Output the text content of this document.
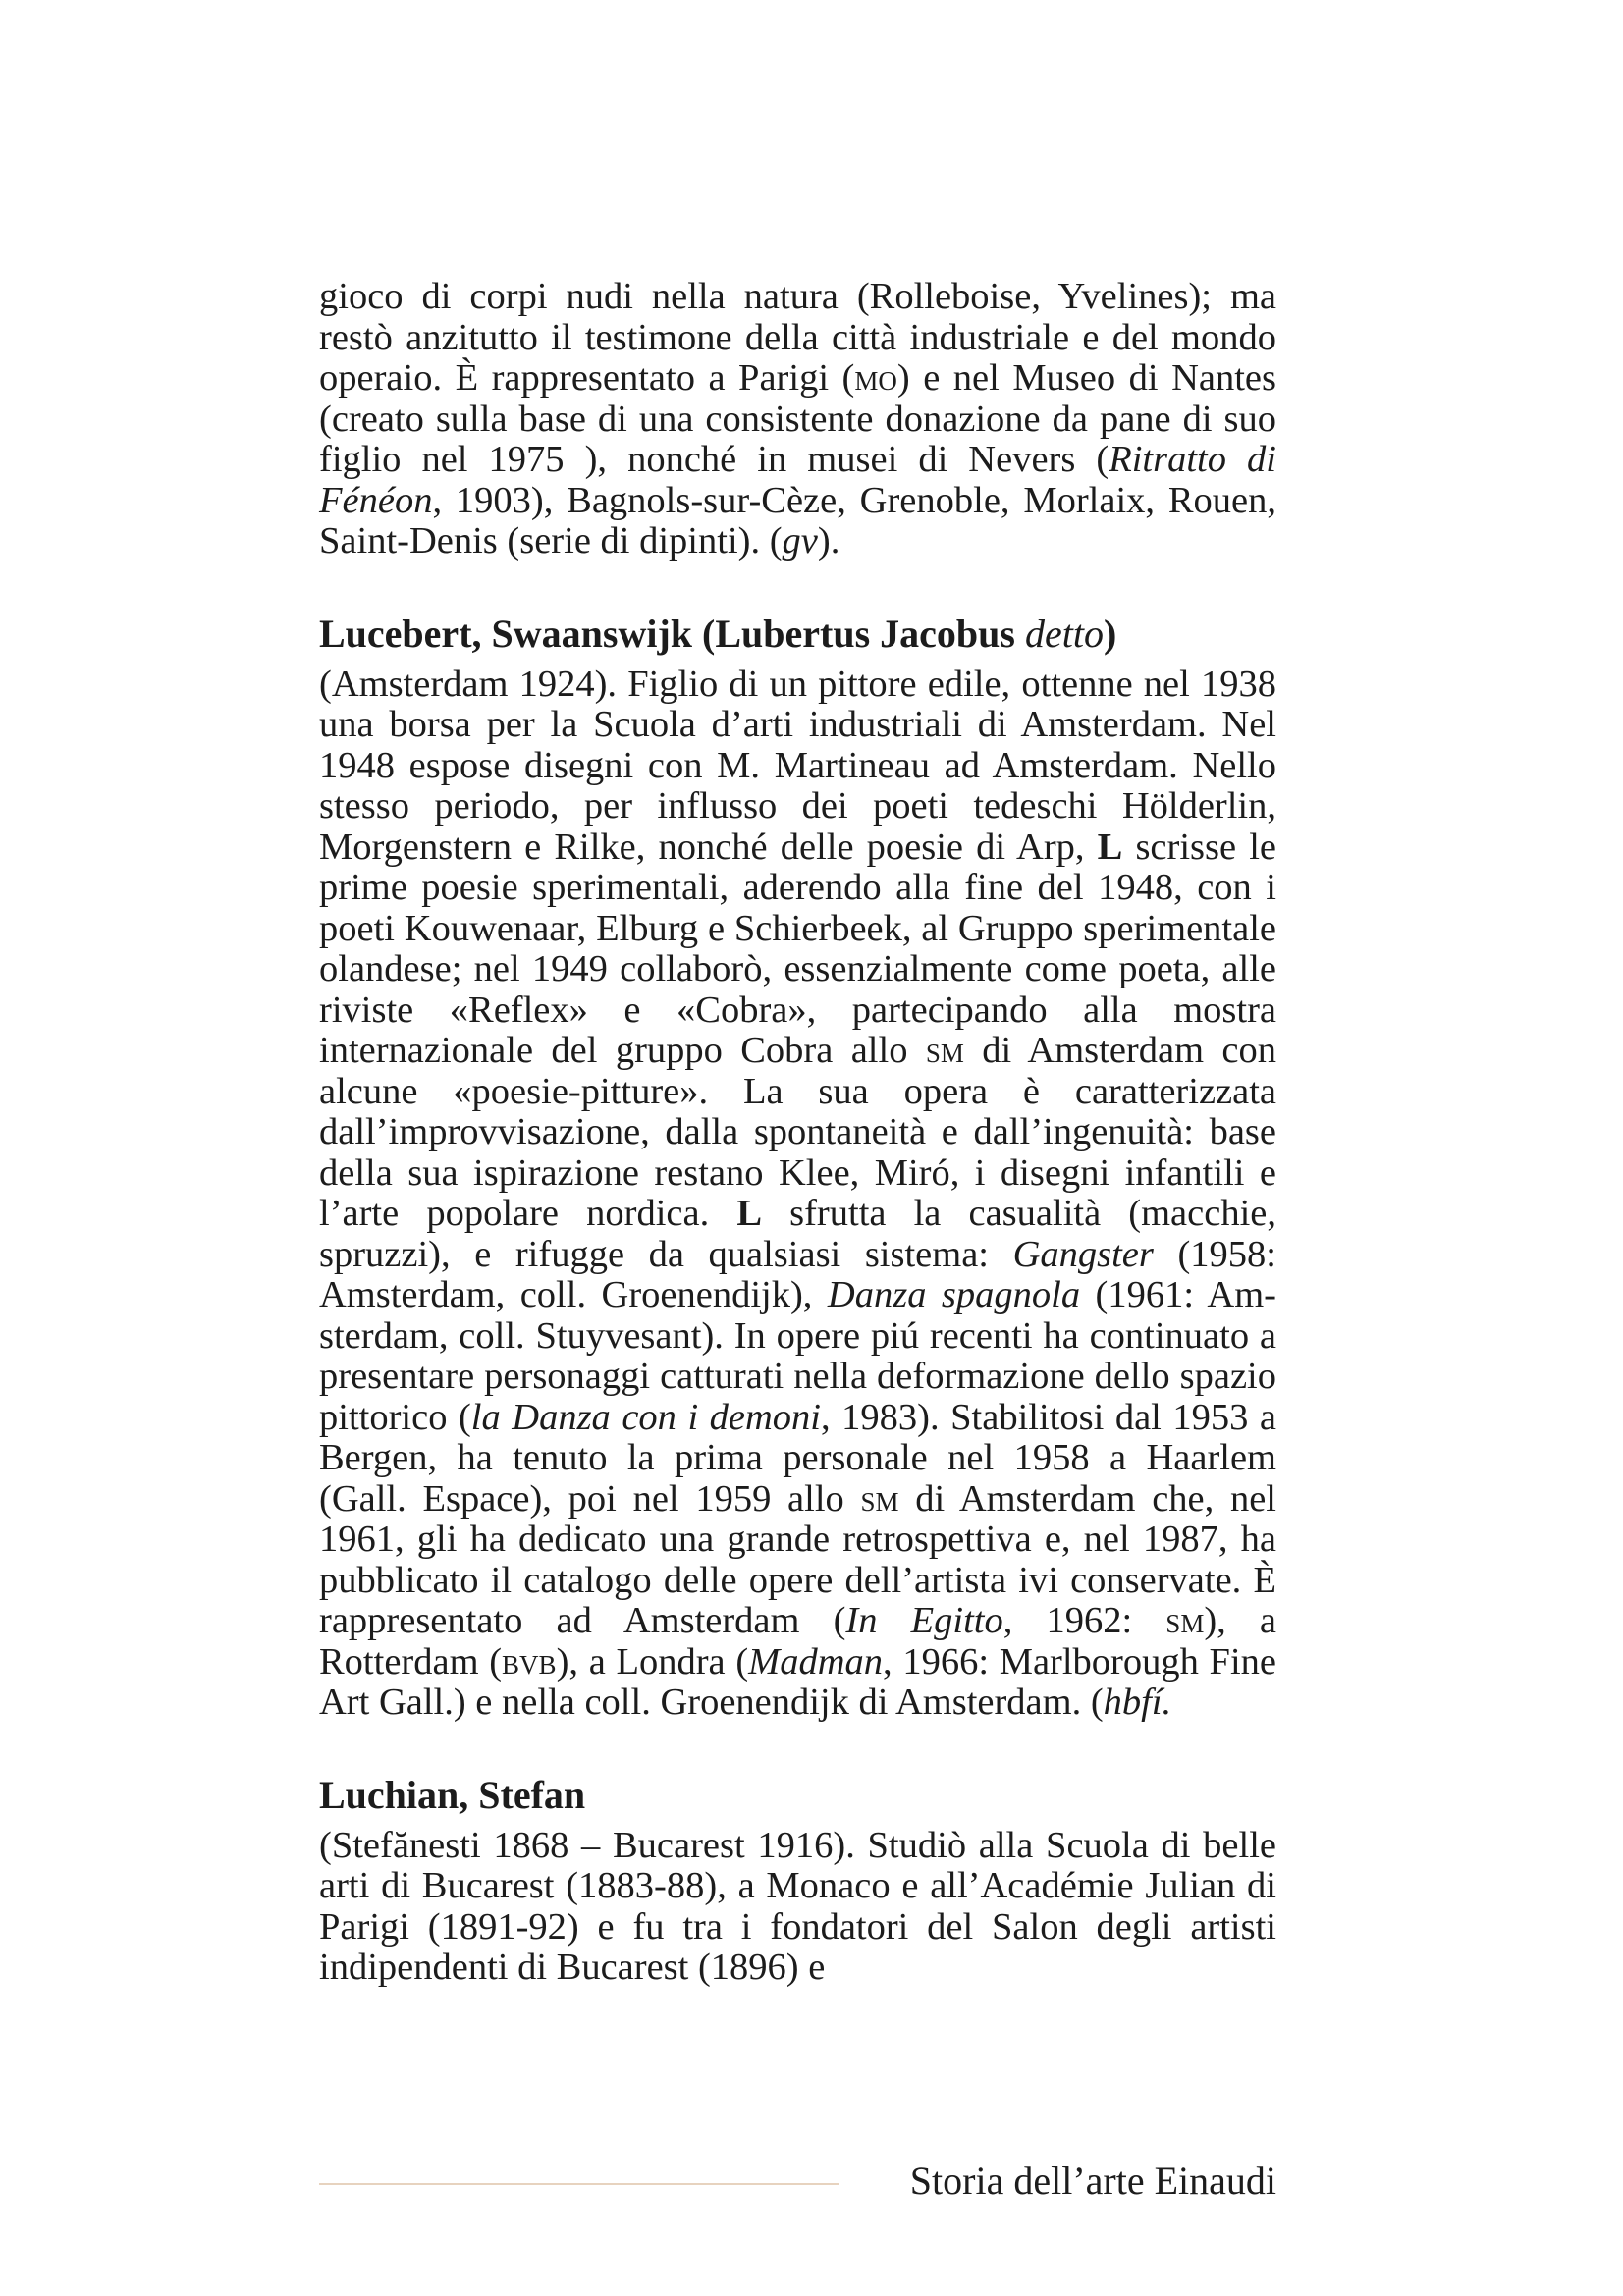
gioco di corpi nudi nella natura (Rolleboise, Yvelines); ma restò anzitutto il testimone della città industriale e del mondo operaio. È rappresentato a Parigi (mo) e nel Museo di Nantes (creato sulla base di una consistente donazione da pane di suo figlio nel 1975 ), nonché in musei di Nevers (Ritratto di Fénéon, 1903), Bagnols-sur-Cèze, Grenoble, Morlaix, Rouen, Saint-Denis (serie di dipinti). (gv).

Lucebert, Swaanswijk (Lubertus Jacobus detto)

(Amsterdam 1924). Figlio di un pittore edile, ottenne nel 1938 una borsa per la Scuola d’arti industriali di Amsterdam. Nel 1948 espose disegni con M. Martineau ad Amsterdam. Nello stesso periodo, per influsso dei poeti tedeschi Hölderlin, Morgenstern e Rilke, nonché delle poesie di Arp, L scrisse le prime poesie sperimentali, aderendo alla fine del 1948, con i poeti Kouwenaar, Elburg e Schierbeek, al Gruppo sperimentale olandese; nel 1949 collaborò, essenzialmente come poeta, alle riviste «Reflex» e «Cobra», partecipando alla mostra internazionale del gruppo Cobra allo sm di Amsterdam con alcune «poesie-pitture». La sua opera è caratterizzata dall’improvvisazione, dalla spontaneità e dall’ingenuità: base della sua ispirazione restano Klee, Miró, i disegni infantili e l’arte popolare nordica. L sfrutta la casualità (macchie, spruzzi), e rifugge da qualsiasi sistema: Gangster (1958: Amsterdam, coll. Groenendijk), Danza spagnola (1961: Amsterdam, coll. Stuyvesant). In opere piú recenti ha continuato a presentare personaggi catturati nella deformazione dello spazio pittorico (la Danza con i demoni, 1983). Stabilitosi dal 1953 a Bergen, ha tenuto la prima personale nel 1958 a Haarlem (Gall. Espace), poi nel 1959 allo sm di Amsterdam che, nel 1961, gli ha dedicato una grande retrospettiva e, nel 1987, ha pubblicato il catalogo delle opere dell’artista ivi conservate. È rappresentato ad Amsterdam (In Egitto, 1962: sm), a Rotterdam (bvb), a Londra (Madman, 1966: Marlborough Fine Art Gall.) e nella coll. Groenendijk di Amsterdam. (hbfí.

Luchian, Stefan

(Stefănesti 1868 – Bucarest 1916). Studiò alla Scuola di belle arti di Bucarest (1883-88), a Monaco e all’Académie Julian di Parigi (1891-92) e fu tra i fondatori del Salon degli artisti indipendenti di Bucarest (1896) e

Storia dell’arte Einaudi
